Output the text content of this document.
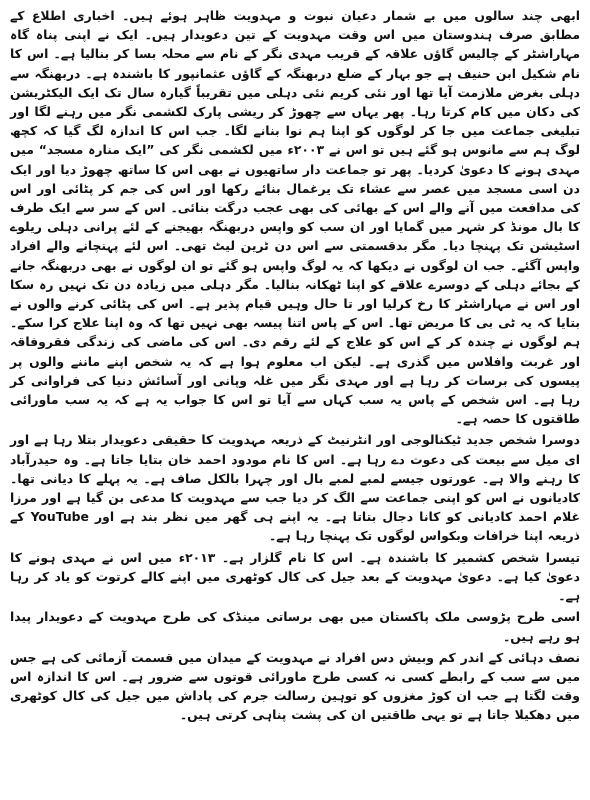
ابھی چند سالوں میں بے شمار دعیان نبوت و مہدویت ظاہر ہوئے ہیں۔ اخباری اطلاع کے مطابق صرف ہندوستان میں اس وقت مہدویت کے تین دعویدار ہیں۔ ایک نے اپنی پناہ گاہ مہاراشٹر کے چالیس گاؤں علاقہ کے قریب مہدی نگر کے نام سے محلہ بسا کر بنالیا ہے۔ اس کا نام شکیل ابن حنیف ہے جو بہار کے ضلع دربھنگہ کے گاؤں عثمانپور کا باشندہ ہے۔ دربھنگہ سے دہلی بغرض ملازمت آیا تھا اور نئی کریم نئی دہلی میں تقریباً گیارہ سال تک ایک الیکٹریشن کی دکان میں کام کرتا رہا۔ پھر یہاں سے چھوڑ کر ریشی پارک لکشمی نگر میں رہنے لگا اور تبلیغی جماعت میں جا کر لوگوں کو اپنا ہم نوا بنانے لگا۔ جب اس کا اندازہ لگ گیا کہ کچھ لوگ ہم سے مانوس ہو گئے ہیں تو اس نے ۲۰۰۳ء میں لکشمی نگر کی ”ایک منارہ مسجد“ میں مہدی ہونے کا دعویٰ کردیا۔ پھر تو جماعت دار ساتھیوں نے بھی اس کا ساتھ چھوڑ دیا اور ایک دن اسی مسجد میں عصر سے عشاء تک یرغمال بنائے رکھا اور اس کی جم کر پٹائی اور اس کی مدافعت میں آنے والے اس کے بھائی کی بھی عجب درگت بنائی۔ اس کے سر سے ایک طرف کا بال مونڈ کر شہر میں گمایا اور ان سب کو واپس دربھنگہ بھیجنے کے لئے پرانی دہلی ریلوے اسٹیشن تک پہنچا دیا۔ مگر بدقسمتی سے اس دن ٹرین لیٹ تھی۔ اس لئے پہنچانے والے افراد واپس آگئے۔ جب ان لوگوں نے دیکھا کہ یہ لوگ واپس ہو گئے تو ان لوگوں نے بھی دربھنگہ جانے کے بجائے دہلی کے دوسرے علاقے کو اپنا ٹھکانہ بنالیا۔ مگر دہلی میں زیادہ دن تک نہیں رہ سکا اور اس نے مہاراشٹر کا رخ کرلیا اور تا حال وہیں قیام پذیر ہے۔ اس کی پٹائی کرنے والوں نے بتایا کہ یہ ٹی بی کا مریض تھا۔ اس کے پاس اتنا پیسہ بھی نہیں تھا کہ وہ اپنا علاج کرا سکے۔ ہم لوگوں نے چندہ کر کے اس کو علاج کے لئے رقم دی۔ اس کی ماضی کی زندگی فقروفاقہ اور غربت وافلاس میں گذری ہے۔ لیکن اب معلوم ہوا ہے کہ یہ شخص اپنے ماننے والوں پر پیسوں کی برسات کر رہا ہے اور مہدی نگر میں غلہ وپانی اور آسائش دنیا کی فراوانی کر رہا ہے۔ اس شخص کے پاس یہ سب کہاں سے آیا تو اس کا جواب یہ ہے کہ یہ سب ماورائی طاقتوں کا حصہ ہے۔

دوسرا شخص جدید ٹیکنالوجی اور انٹرنیٹ کے ذریعہ مہدویت کا حقیقی دعویدار بتلا رہا ہے اور ای میل سے بیعت کی دعوت دے رہا ہے۔ اس کا نام مودود احمد خان بتایا جاتا ہے۔ وہ حیدرآباد کا رہنے والا ہے۔ عورتوں جیسے لمبے لمبے بال اور چہرا بالکل صاف ہے۔ یہ پہلے کا دیانی تھا۔ کادیانوں نے اس کو اپنی جماعت سے الگ کر دیا جب سے مہدویت کا مدعی بن گیا ہے اور مرزا غلام احمد کادیانی کو کانا دجال بتاتا ہے۔ یہ اپنے ہی گھر میں نظر بند ہے اور YouTube کے ذریعہ اپنا خرافات وبکواس لوگوں تک پہنچا رہا ہے۔

تیسرا شخص کشمیر کا باشندہ ہے۔ اس کا نام گلزار ہے۔ ۲۰۱۳ء میں اس نے مہدی ہونے کا دعویٰ کیا ہے۔ دعویٰ مہدویت کے بعد جیل کی کال کوٹھری میں اپنے کالے کرتوت کو یاد کر رہا ہے۔

اسی طرح پڑوسی ملک پاکستان میں بھی برساتی مینڈک کی طرح مہدویت کے دعویدار پیدا ہو رہے ہیں۔

نصف دہائی کے اندر کم وبیش دس افراد نے مہدویت کے میدان میں قسمت آزمائی کی ہے جس میں سے سب کے رابطے کسی نہ کسی طرح ماورائی قوتوں سے ضرور ہے۔ اس کا اندازہ اس وقت لگتا ہے جب ان کوڑ مغزوں کو توہین رسالت جرم کی پاداش میں جیل کی کال کوٹھری میں دھکیلا جاتا ہے تو یہی طاقتیں ان کی پشت پناہی کرتی ہیں۔
